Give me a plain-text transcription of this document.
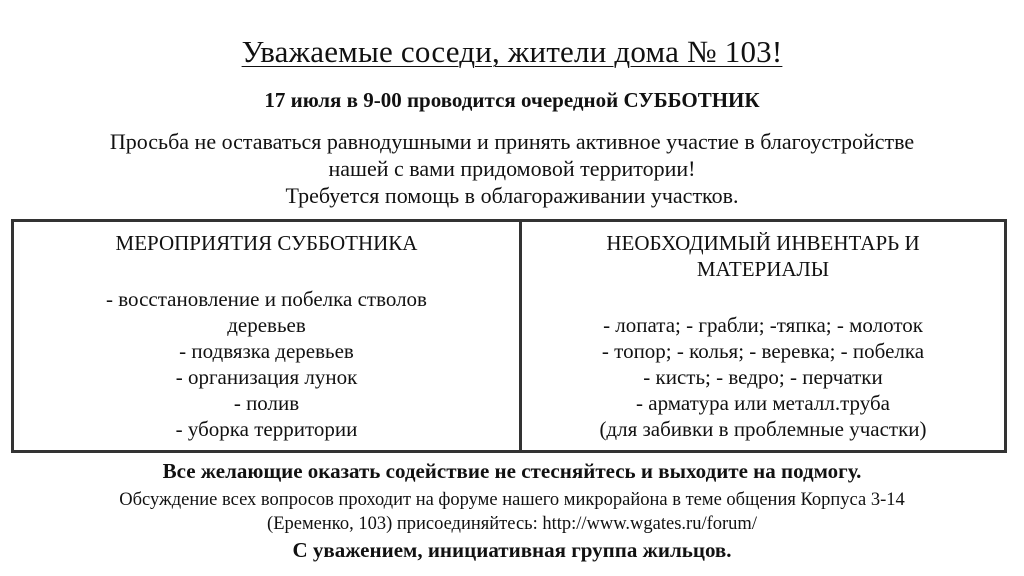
Уважаемые соседи, жители дома № 103!
17 июля в 9-00 проводится очередной СУББОТНИК
Просьба не оставаться равнодушными и принять активное участие в благоустройстве
нашей с вами придомовой территории!
Требуется помощь в облагораживании участков.
МЕРОПРИЯТИЯ СУББОТНИКА
- восстановление и побелка стволов
деревьев
- подвязка деревьев
- организация лунок
- полив
- уборка территории
НЕОБХОДИМЫЙ ИНВЕНТАРЬ И
МАТЕРИАЛЫ
- лопата; - грабли; -тяпка; - молоток
- топор; - колья; - веревка; - побелка
- кисть; - ведро; - перчатки
- арматура или металл.труба
(для забивки в проблемные участки)
Все желающие оказать содействие не стесняйтесь и выходите на подмогу.
Обсуждение всех вопросов проходит на форуме нашего микрорайона в теме общения Корпуса 3-14
(Еременко, 103) присоединяйтесь: http://www.wgates.ru/forum/
С уважением, инициативная группа жильцов.
